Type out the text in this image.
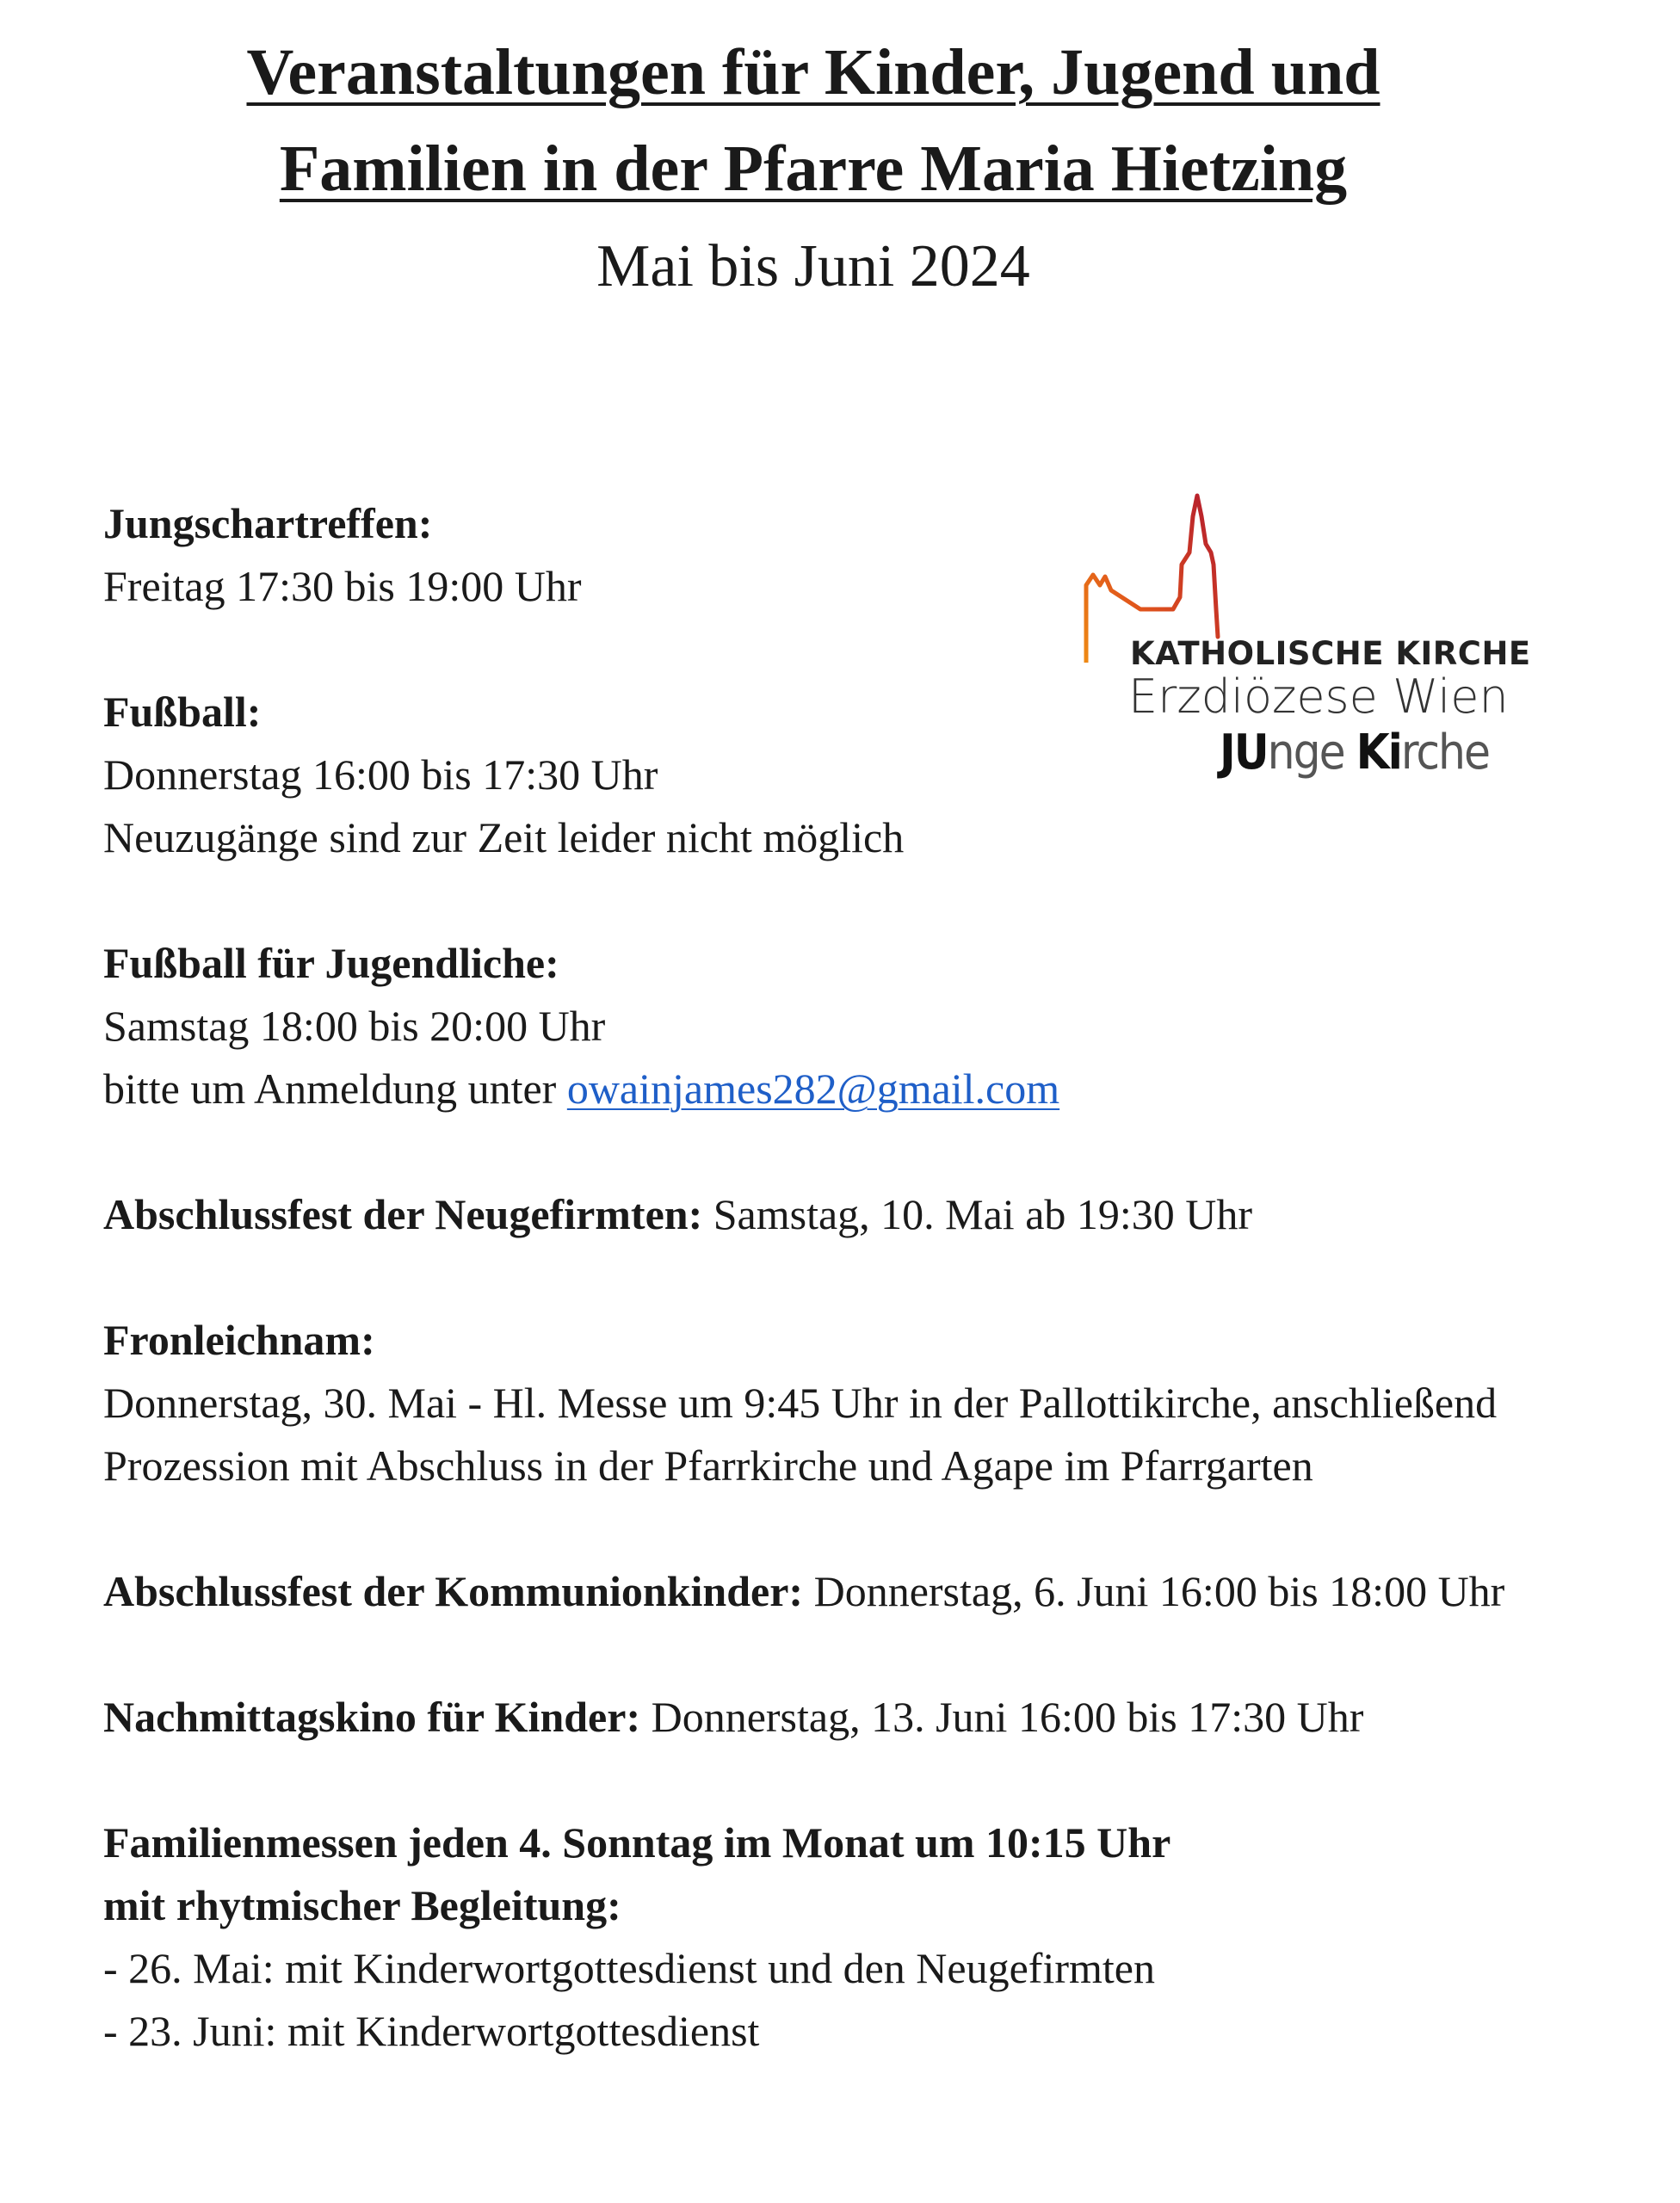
Veranstaltungen für Kinder, Jugend und
Familien in der Pfarre Maria Hietzing
Mai bis Juni 2024
KATHOLISCHE KIRCHE
Erzdiözese Wien
JUnge Kirche
Jungschartreffen:
Freitag 17:30 bis 19:00 Uhr
Fußball:
Donnerstag 16:00 bis 17:30 Uhr
Neuzugänge sind zur Zeit leider nicht möglich
Fußball für Jugendliche:
Samstag 18:00 bis 20:00 Uhr
bitte um Anmeldung unter owainjames282@gmail.com
Abschlussfest der Neugefirmten: Samstag, 10. Mai ab 19:30 Uhr
Fronleichnam:
Donnerstag, 30. Mai - Hl. Messe um 9:45 Uhr in der Pallottikirche, anschließend
Prozession mit Abschluss in der Pfarrkirche und Agape im Pfarrgarten
Abschlussfest der Kommunionkinder: Donnerstag, 6. Juni 16:00 bis 18:00 Uhr
Nachmittagskino für Kinder: Donnerstag, 13. Juni 16:00 bis 17:30 Uhr
Familienmessen jeden 4. Sonntag im Monat um 10:15 Uhr
mit rhytmischer Begleitung:
- 26. Mai: mit Kinderwortgottesdienst und den Neugefirmten
- 23. Juni: mit Kinderwortgottesdienst
